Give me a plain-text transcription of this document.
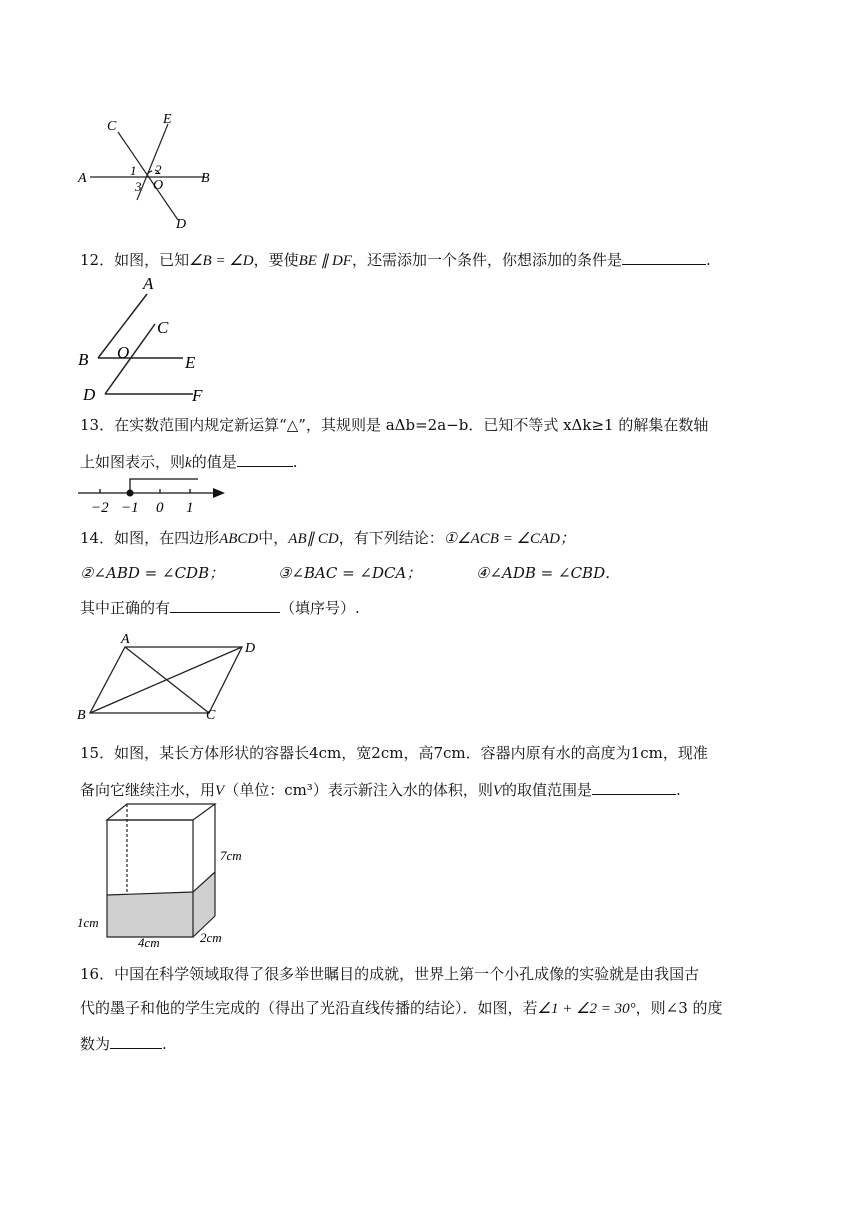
A	B
C	E
D
O
1 2
3
12．如图，已知∠B = ∠D，要使BE ∥ DF，还需添加一个条件，你想添加的条件是	.
A
C
O
B	E
D	F
13．在实数范围内规定新运算“△”，其规则是 aΔb=2a−b．已知不等式 xΔk≥1 的解集在数轴
上如图表示，则k的值是	.
−2 −1 0 1
14．如图，在四边形ABCD中，AB∥ CD，有下列结论：①∠ACB = ∠CAD；
②∠ABD = ∠CDB；	③∠BAC = ∠DCA；	④∠ADB = ∠CBD．
其中正确的有	（填序号）.
A
D
B	C
15．如图，某长方体形状的容器长4cm，宽2cm，高7cm．容器内原有水的高度为1cm，现准
备向它继续注水，用V（单位：cm³）表示新注入水的体积，则V的取值范围是	.
7cm
1cm
4cm	2cm
16．中国在科学领域取得了很多举世瞩目的成就，世界上第一个小孔成像的实验就是由我国古
代的墨子和他的学生完成的（得出了光沿直线传播的结论）．如图，若∠1 + ∠2 = 30°，则∠3 的度
数为	.
